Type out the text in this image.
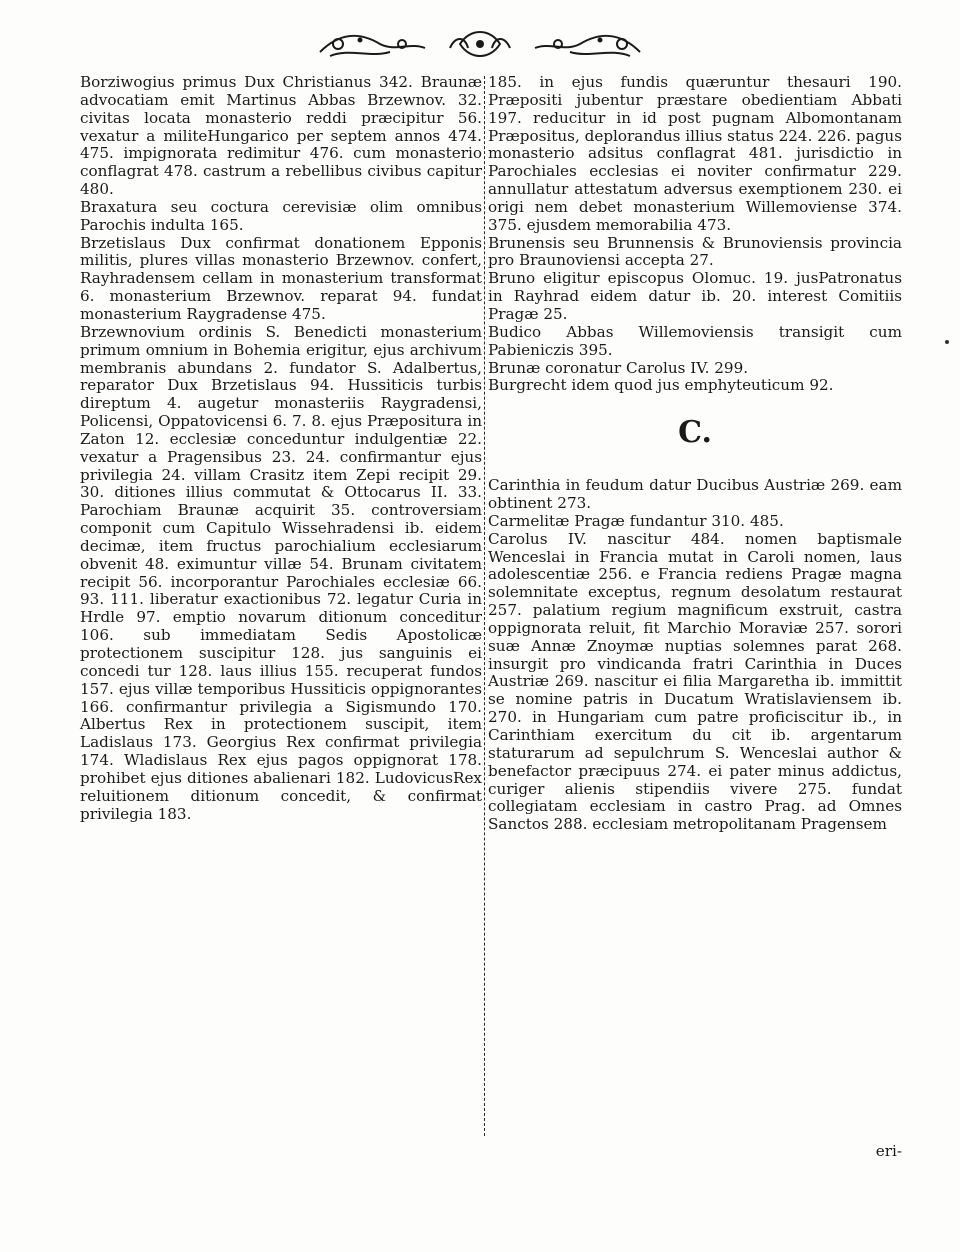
Borziwogius primus Dux Christianus 342. Braunæ advocatiam emit Martinus Abbas Brzewnov. 32. civitas locata monasterio reddi præcipitur 56. vexatur a militeHungarico per septem annos 474. 475. impignorata redimitur 476. cum monasterio conflagrat 478. castrum a rebellibus civibus capitur 480.

Braxatura seu coctura cerevisiæ olim omnibus Parochis indulta 165.

Brzetislaus Dux confirmat donationem Epponis militis, plures villas monasterio Brzewnov. confert, Rayhradensem cellam in monasterium transformat 6. monasterium Brzewnov. reparat 94. fundat monasterium Raygradense 475.

Brzewnovium ordinis S. Benedicti monasterium primum omnium in Bohemia erigitur, ejus archivum membranis abundans 2. fundator S. Adalbertus, reparator Dux Brzetislaus 94. Hussiticis turbis direptum 4. augetur monasteriis Raygradensi, Policensi, Oppatovicensi 6. 7. 8. ejus Præpositura in Zaton 12. ecclesiæ conceduntur indulgentiæ 22. vexatur a Pragensibus 23. 24. confirmantur ejus privilegia 24. villam Crasitz item Zepi recipit 29. 30. ditiones illius commutat & Ottocarus II. 33. Parochiam Braunæ acquirit 35. controversiam componit cum Capitulo Wissehradensi ib. eidem decimæ, item fructus parochialium ecclesiarum obvenit 48. eximuntur villæ 54. Brunam civitatem recipit 56. incorporantur Parochiales ecclesiæ 66. 93. 111. liberatur exactionibus 72. legatur Curia in Hrdle 97. emptio novarum ditionum conceditur 106. sub immediatam Sedis Apostolicæ protectionem suscipitur 128. jus sanguinis ei concedi tur 128. laus illius 155. recuperat fundos 157. ejus villæ temporibus Hussiticis oppignorantes 166. confirmantur privilegia a Sigismundo 170. Albertus Rex in protectionem suscipit, item Ladislaus 173. Georgius Rex confirmat privilegia 174. Wladislaus Rex ejus pagos oppignorat 178. prohibet ejus ditiones abalienari 182. LudovicusRex reluitionem ditionum concedit, & confirmat privilegia 183.

185. in ejus fundis quæruntur thesauri 190. Præpositi jubentur præstare obedientiam Abbati 197. reducitur in id post pugnam Albomontanam Præpositus, deplorandus illius status 224. 226. pagus monasterio adsitus conflagrat 481. jurisdictio in Parochiales ecclesias ei noviter confirmatur 229. annullatur attestatum adversus exemptionem 230. ei origi nem debet monasterium Willemoviense 374. 375. ejusdem memorabilia 473.

Brunensis seu Brunnensis & Brunoviensis provincia pro Braunoviensi accepta 27.

Bruno eligitur episcopus Olomuc. 19. jusPatronatus in Rayhrad eidem datur ib. 20. interest Comitiis Pragæ 25.

Budico Abbas Willemoviensis transigit cum Pabieniczis 395.

Brunæ coronatur Carolus IV. 299.

Burgrecht idem quod jus emphyteuticum 92.

C.

Carinthia in feudum datur Ducibus Austriæ 269. eam obtinent 273.

Carmelitæ Pragæ fundantur 310. 485.

Carolus IV. nascitur 484. nomen baptismale Wenceslai in Francia mutat in Caroli nomen, laus adolescentiæ 256. e Francia rediens Pragæ magna solemnitate exceptus, regnum desolatum restaurat 257. palatium regium magnificum exstruit, castra oppignorata reluit, fit Marchio Moraviæ 257. sorori suæ Annæ Znoymæ nuptias solemnes parat 268. insurgit pro vindicanda fratri Carinthia in Duces Austriæ 269. nascitur ei filia Margaretha ib. immittit se nomine patris in Ducatum Wratislaviensem ib. 270. in Hungariam cum patre proficiscitur ib., in Carinthiam exercitum du cit ib. argentarum staturarum ad sepulchrum S. Wenceslai author & benefactor præcipuus 274. ei pater minus addictus, curiger alienis stipendiis vivere 275. fundat collegiatam ecclesiam in castro Prag. ad Omnes Sanctos 288. ecclesiam metropolitanam Pragensem

eri-
